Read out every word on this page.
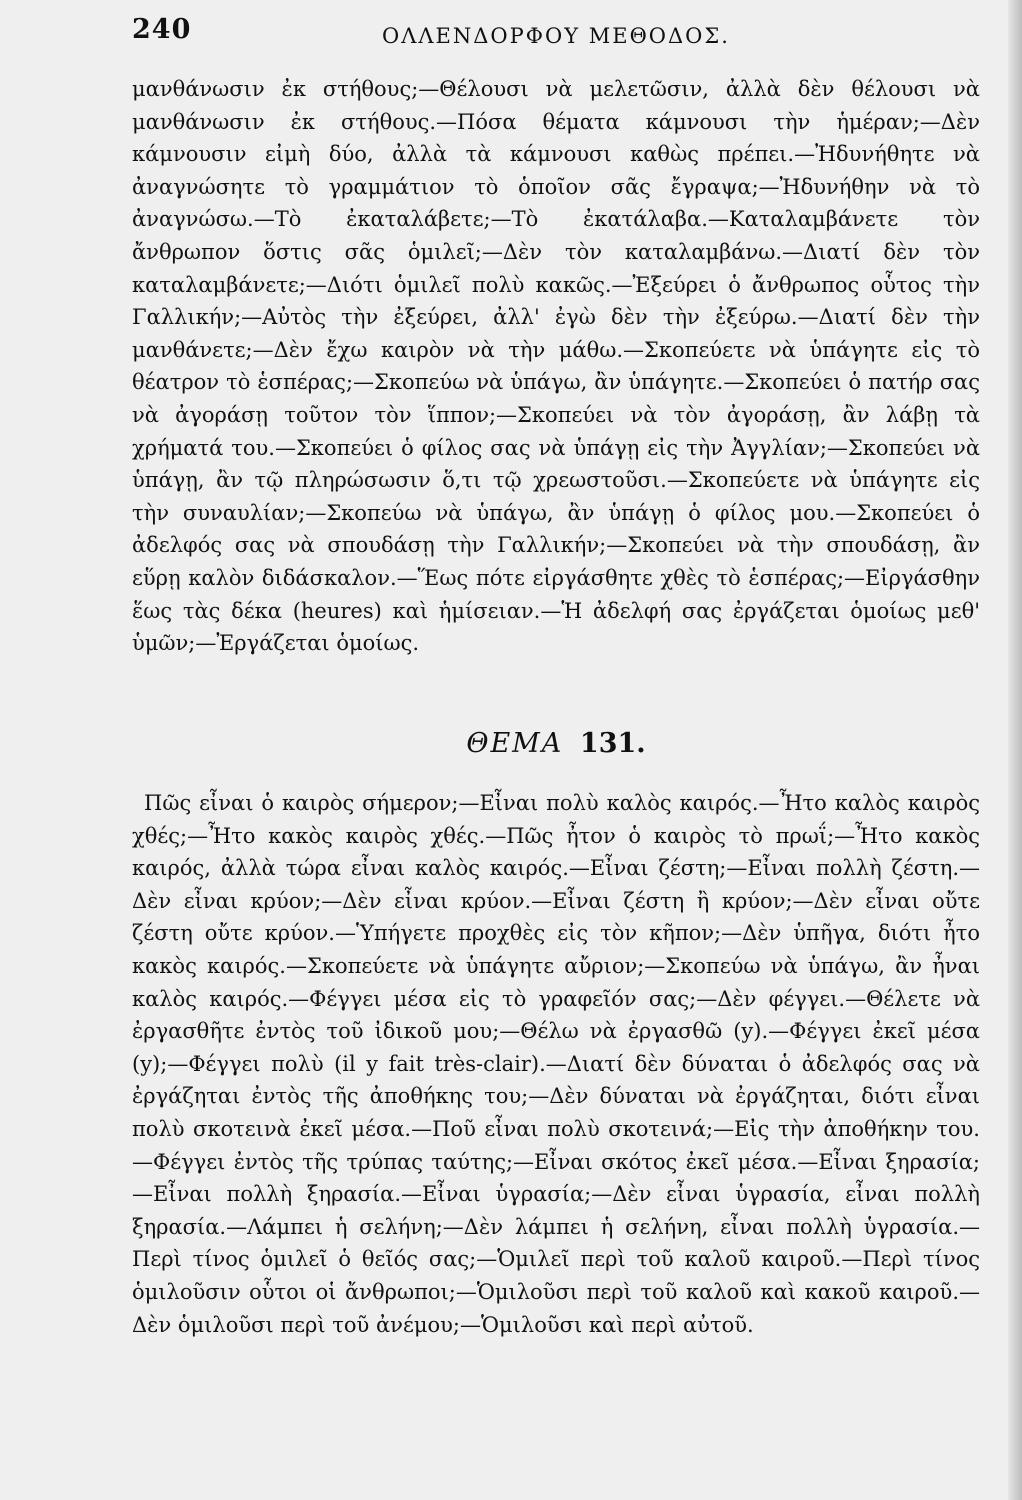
240	ΟΛΛΕΝΔΟΡΦΟΥ ΜΕΘΟΔΟΣ.

μανθάνωσιν ἐκ στήθους;—Θέλουσι νὰ μελετῶσιν, ἀλλὰ δὲν θέλουσι νὰ μανθάνωσιν ἐκ στήθους.—Πόσα θέματα κάμνουσι τὴν ἡμέραν;—Δὲν κάμνουσιν εἰμὴ δύο, ἀλλὰ τὰ κάμνουσι καθὼς πρέπει.—Ἠδυνήθητε νὰ ἀναγνώσητε τὸ γραμμάτιον τὸ ὁποῖον σᾶς ἔγραψα;—Ἠδυνήθην νὰ τὸ ἀναγνώσω.—Τὸ ἐκαταλάβετε;—Τὸ ἐκατάλαβα.—Καταλαμβάνετε τὸν ἄνθρωπον ὅστις σᾶς ὁμιλεῖ;—Δὲν τὸν καταλαμβάνω.—Διατί δὲν τὸν καταλαμβάνετε;—Διότι ὁμιλεῖ πολὺ κακῶς.—Ἐξεύρει ὁ ἄνθρωπος οὗτος τὴν Γαλλικήν;—Αὐτὸς τὴν ἐξεύρει, ἀλλ' ἐγὼ δὲν τὴν ἐξεύρω.—Διατί δὲν τὴν μανθάνετε;—Δὲν ἔχω καιρὸν νὰ τὴν μάθω.—Σκοπεύετε νὰ ὑπάγητε εἰς τὸ θέατρον τὸ ἑσπέρας;—Σκοπεύω νὰ ὑπάγω, ἂν ὑπάγητε.—Σκοπεύει ὁ πατήρ σας νὰ ἀγοράσῃ τοῦτον τὸν ἵππον;—Σκοπεύει νὰ τὸν ἀγοράσῃ, ἂν λάβῃ τὰ χρήματά του.—Σκοπεύει ὁ φίλος σας νὰ ὑπάγῃ εἰς τὴν Ἀγγλίαν;—Σκοπεύει νὰ ὑπάγῃ, ἂν τῷ πληρώσωσιν ὅ,τι τῷ χρεωστοῦσι.—Σκοπεύετε νὰ ὑπάγητε εἰς τὴν συναυλίαν;—Σκοπεύω νὰ ὑπάγω, ἂν ὑπάγῃ ὁ φίλος μου.—Σκοπεύει ὁ ἀδελφός σας νὰ σπουδάσῃ τὴν Γαλλικήν;—Σκοπεύει νὰ τὴν σπουδάσῃ, ἂν εὕρῃ καλὸν διδάσκαλον.—Ἕως πότε εἰργάσθητε χθὲς τὸ ἑσπέρας;—Εἰργάσθην ἕως τὰς δέκα (heures) καὶ ἡμίσειαν.—Ἡ ἀδελφή σας ἐργάζεται ὁμοίως μεθ' ὑμῶν;—Ἐργάζεται ὁμοίως.

ΘΕΜΑ 131.

Πῶς εἶναι ὁ καιρὸς σήμερον;—Εἶναι πολὺ καλὸς καιρός.—Ἦτο καλὸς καιρὸς χθές;—Ἦτο κακὸς καιρὸς χθές.—Πῶς ἦτον ὁ καιρὸς τὸ πρωΐ;—Ἦτο κακὸς καιρός, ἀλλὰ τώρα εἶναι καλὸς καιρός.—Εἶναι ζέστη;—Εἶναι πολλὴ ζέστη.—Δὲν εἶναι κρύον;—Δὲν εἶναι κρύον.—Εἶναι ζέστη ἢ κρύον;—Δὲν εἶναι οὔτε ζέστη οὔτε κρύον.—Ὑπήγετε προχθὲς εἰς τὸν κῆπον;—Δὲν ὑπῆγα, διότι ἦτο κακὸς καιρός.—Σκοπεύετε νὰ ὑπάγητε αὔριον;—Σκοπεύω νὰ ὑπάγω, ἂν ἦναι καλὸς καιρός.—Φέγγει μέσα εἰς τὸ γραφεῖόν σας;—Δὲν φέγγει.—Θέλετε νὰ ἐργασθῆτε ἐντὸς τοῦ ἰδικοῦ μου;—Θέλω νὰ ἐργασθῶ (y).—Φέγγει ἐκεῖ μέσα (y);—Φέγγει πολὺ (il y fait très-clair).—Διατί δὲν δύναται ὁ ἀδελφός σας νὰ ἐργάζηται ἐντὸς τῆς ἀποθήκης του;—Δὲν δύναται νὰ ἐργάζηται, διότι εἶναι πολὺ σκοτεινὰ ἐκεῖ μέσα.—Ποῦ εἶναι πολὺ σκοτεινά;—Εἰς τὴν ἀποθήκην του.—Φέγγει ἐντὸς τῆς τρύπας ταύτης;—Εἶναι σκότος ἐκεῖ μέσα.—Εἶναι ξηρασία;—Εἶναι πολλὴ ξηρασία.—Εἶναι ὑγρασία;—Δὲν εἶναι ὑγρασία, εἶναι πολλὴ ξηρασία.—Λάμπει ἡ σελήνη;—Δὲν λάμπει ἡ σελήνη, εἶναι πολλὴ ὑγρασία.—Περὶ τίνος ὁμιλεῖ ὁ θεῖός σας;—Ὁμιλεῖ περὶ τοῦ καλοῦ καιροῦ.—Περὶ τίνος ὁμιλοῦσιν οὗτοι οἱ ἄνθρωποι;—Ὁμιλοῦσι περὶ τοῦ καλοῦ καὶ κακοῦ καιροῦ.—Δὲν ὁμιλοῦσι περὶ τοῦ ἀνέμου;—Ὁμιλοῦσι καὶ περὶ αὐτοῦ.
